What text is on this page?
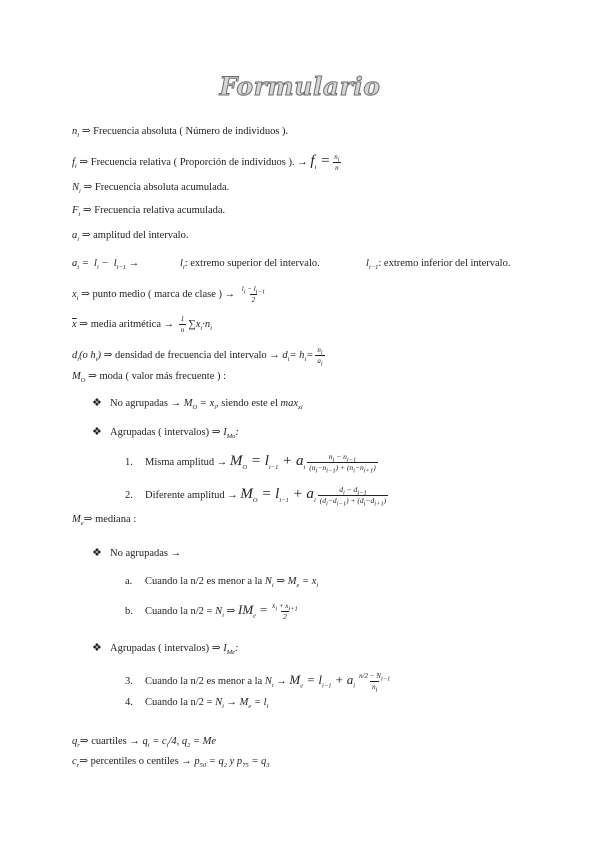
Formulario
$n_i$ ⇒ Frecuencia absoluta ( Número de individuos ).
$f_i$ ⇒ Frecuencia relativa ( Proporción de individuos ). → $f_i = \frac{n_i}{n}$
$N_i$ ⇒ Frecuencia absoluta acumulada.
$F_i$ ⇒ Frecuencia relativa acumulada.
$a_i$ ⇒ amplitud del intervalo.
$a_i = l_i - l_{i-1}$ →	$l_i$: extremo superior del intervalo.	$l_{i-1}$: extremo inferior del intervalo.
$x_i$ ⇒ punto medio ( marca de clase ) → $\frac{l_i - l_{i-1}}{2}$
$\overline{x}$ ⇒ media aritmética → $\frac{1}{n} \sum x_i\cdot n_i$
$d_i(o$ $h_i$) ⇒ densidad de frecuencia del intervalo → $d_i= h_i= \frac{n_i}{a_i}$
$M_O$ ⇒ moda ( valor más frecuente ) :
❖ No agrupadas → $M_O = x_i$, siendo este el $\max_{xi}$
❖ Agrupadas ( intervalos) ⇒ $I_{Mo}$:
1. Misma amplitud → $M_O = l_{i-1} + a_i \frac{n_i - n_{i-1}}{(n_i-n_{i-1}) + (n_i-n_{i+1})}$
2. Diferente amplitud → $M_O = l_{i-1} + a_i \frac{d_i - d_{i-1}}{(d_i-d_{i-1}) + (d_i-d_{i+1})}$
$M_e\Rightarrow$ mediana :
❖ No agrupadas →
a. Cuando la n/2 es menor a la $N_i$ ⇒ $M_e = x_i$
b. Cuando la $n/2 = N_i$ ⇒ $IM_e = \frac{x_i + x_{i+1}}{2}$
❖ Agrupadas ( intervalos) ⇒ $I_{Me}$:
3. Cuando la n/2 es menor a la $N_i \to M_e = l_{i-1} + a_i \frac{n/2 - N_{i-1}}{n_i}$
4. Cuando la $n/2 = N_i \to M_e = l_i$
$q_r\Rightarrow$ cuartiles → $q_i = c_i/4$, $q_2 = Me$
$c_r\Rightarrow$ percentiles o centiles → $p_{50} = q_2$ y $p_{75} = q_3$
